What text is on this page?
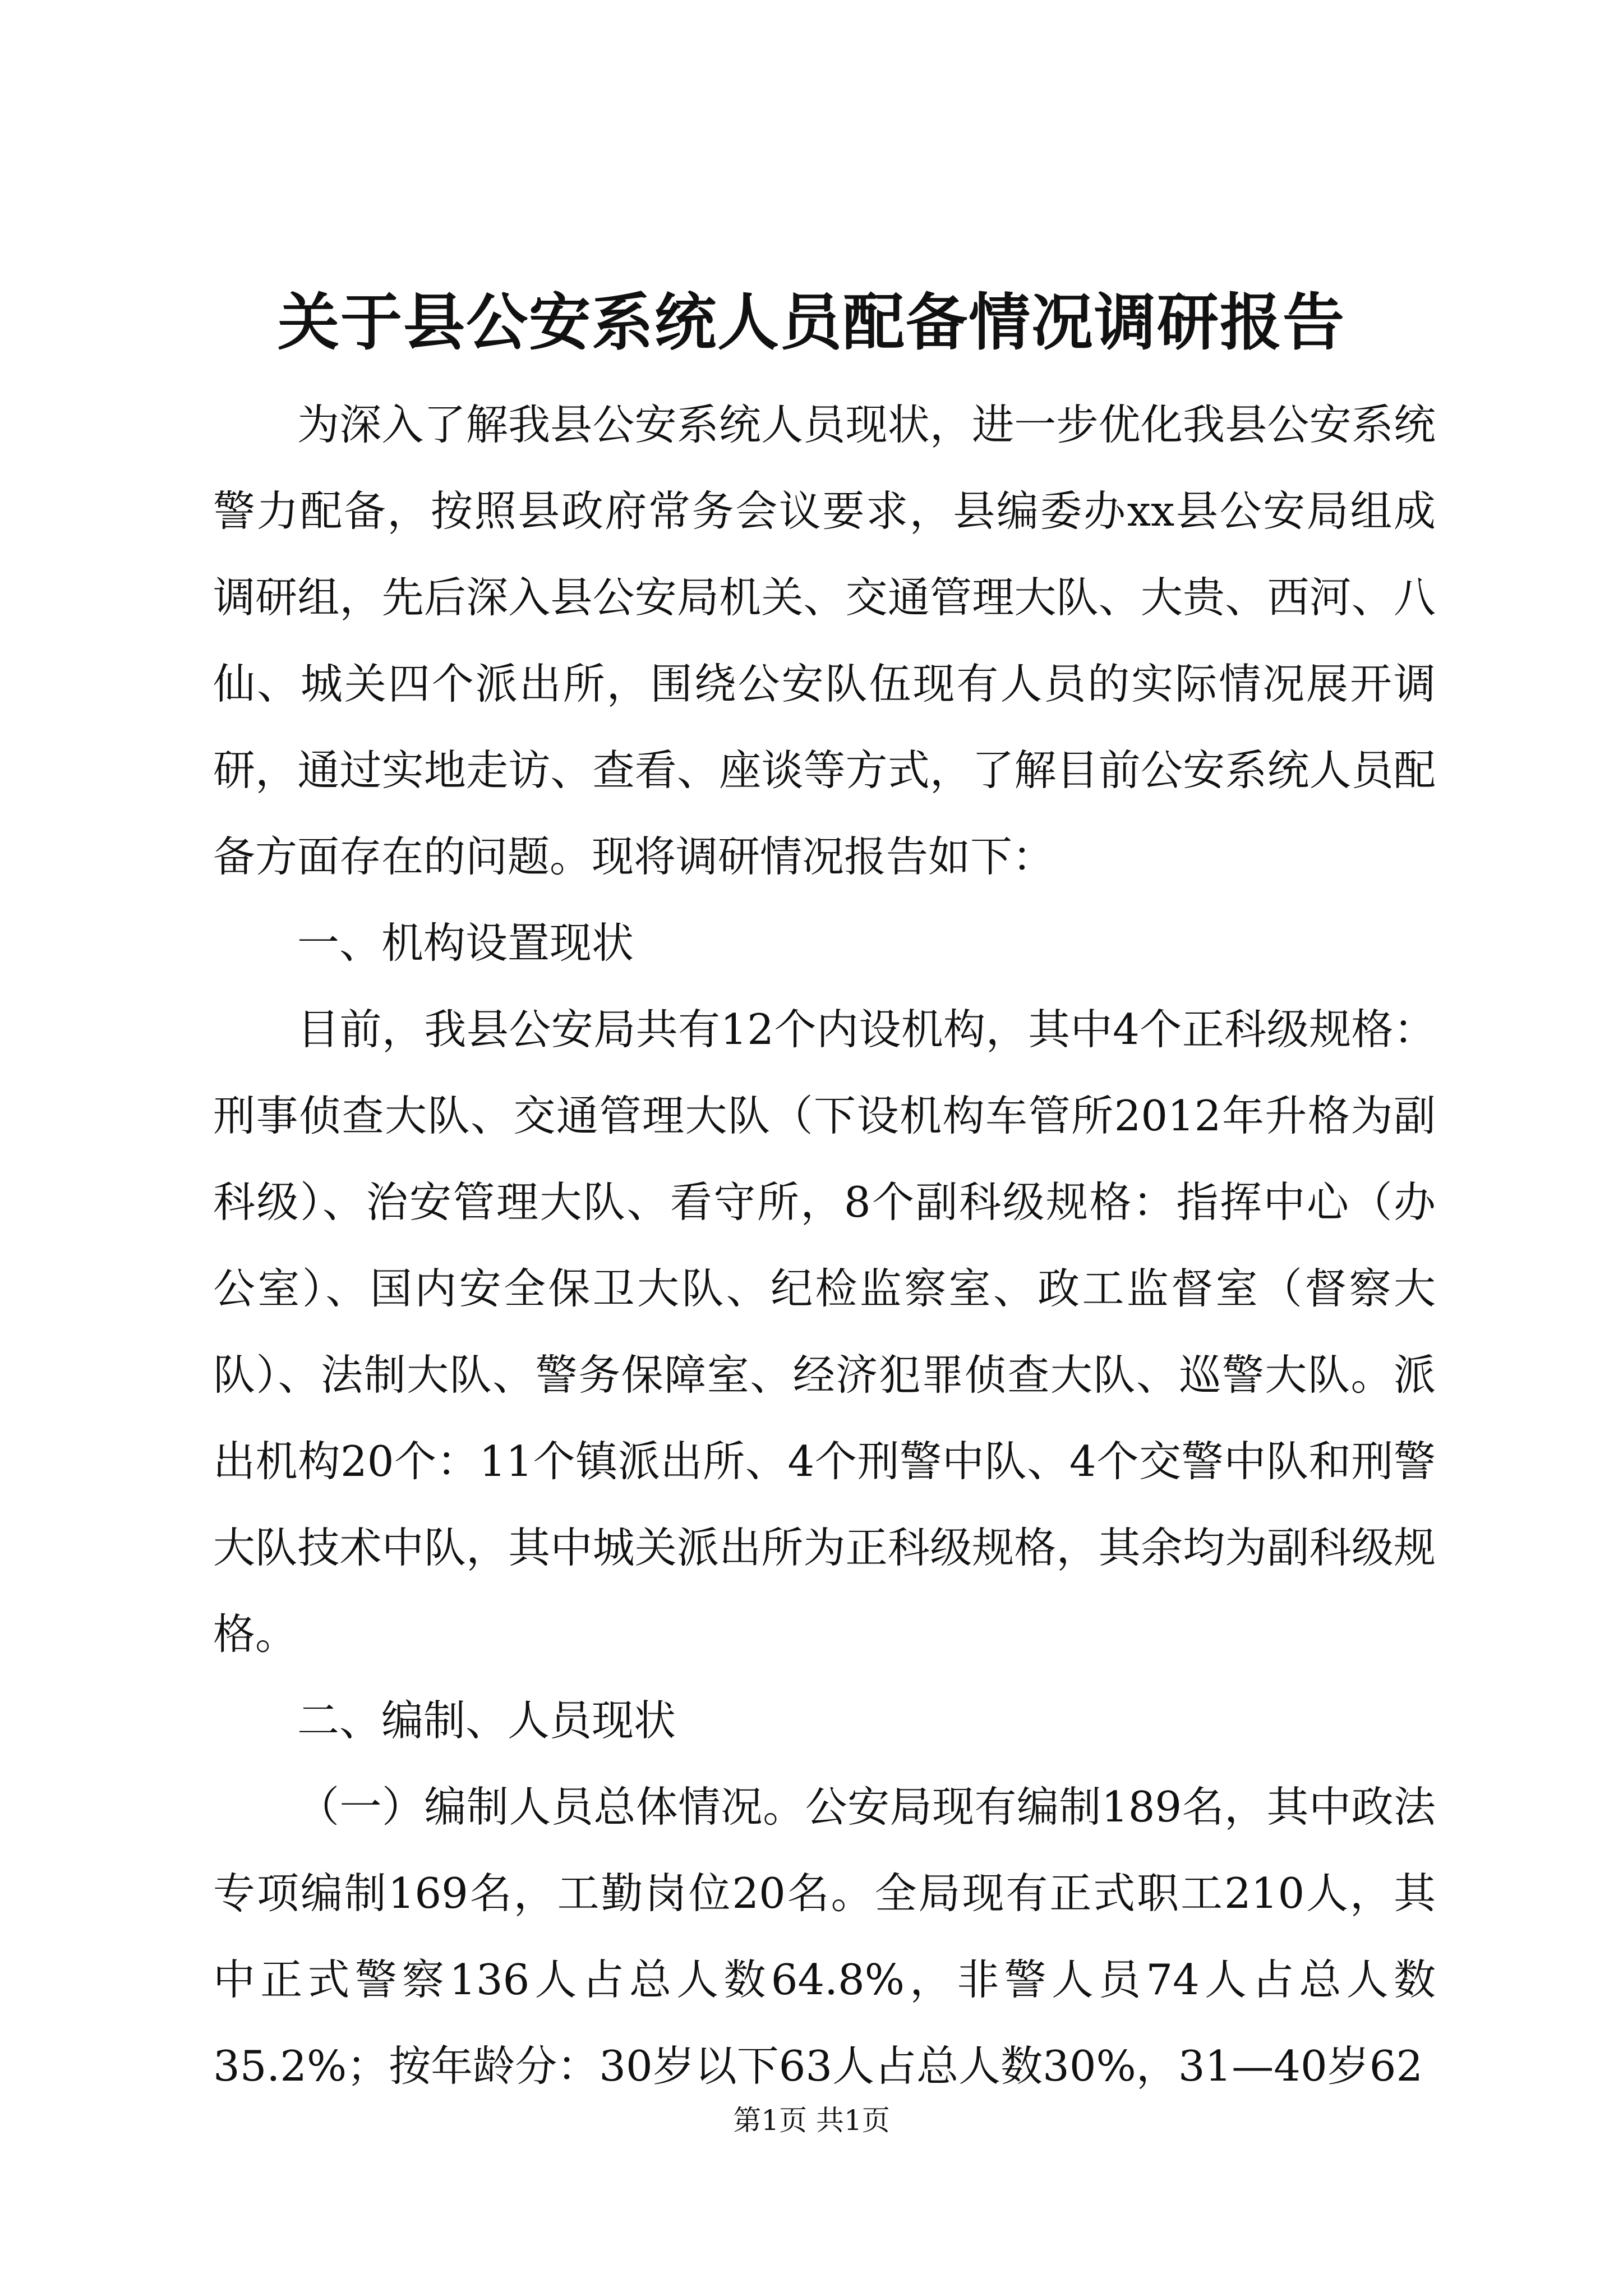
关于县公安系统人员配备情况调研报告

为深入了解我县公安系统人员现状，进一步优化我县公安系统警力配备，按照县政府常务会议要求，县编委办xx县公安局组成调研组，先后深入县公安局机关、交通管理大队、大贵、西河、八仙、城关四个派出所，围绕公安队伍现有人员的实际情况展开调研，通过实地走访、查看、座谈等方式，了解目前公安系统人员配备方面存在的问题。现将调研情况报告如下：

一、机构设置现状

目前，我县公安局共有12个内设机构，其中4个正科级规格：刑事侦查大队、交通管理大队（下设机构车管所2012年升格为副科级）、治安管理大队、看守所，8个副科级规格：指挥中心（办公室）、国内安全保卫大队、纪检监察室、政工监督室（督察大队）、法制大队、警务保障室、经济犯罪侦查大队、巡警大队。派出机构20个：11个镇派出所、4个刑警中队、4个交警中队和刑警大队技术中队，其中城关派出所为正科级规格，其余均为副科级规格。

二、编制、人员现状

（一）编制人员总体情况。公安局现有编制189名，其中政法专项编制169名，工勤岗位20名。全局现有正式职工210人，其中正式警察136人占总人数64.8%，非警人员74人占总人数35.2%；按年龄分：30岁以下63人占总人数30%，31—40岁62

第1页 共1页
